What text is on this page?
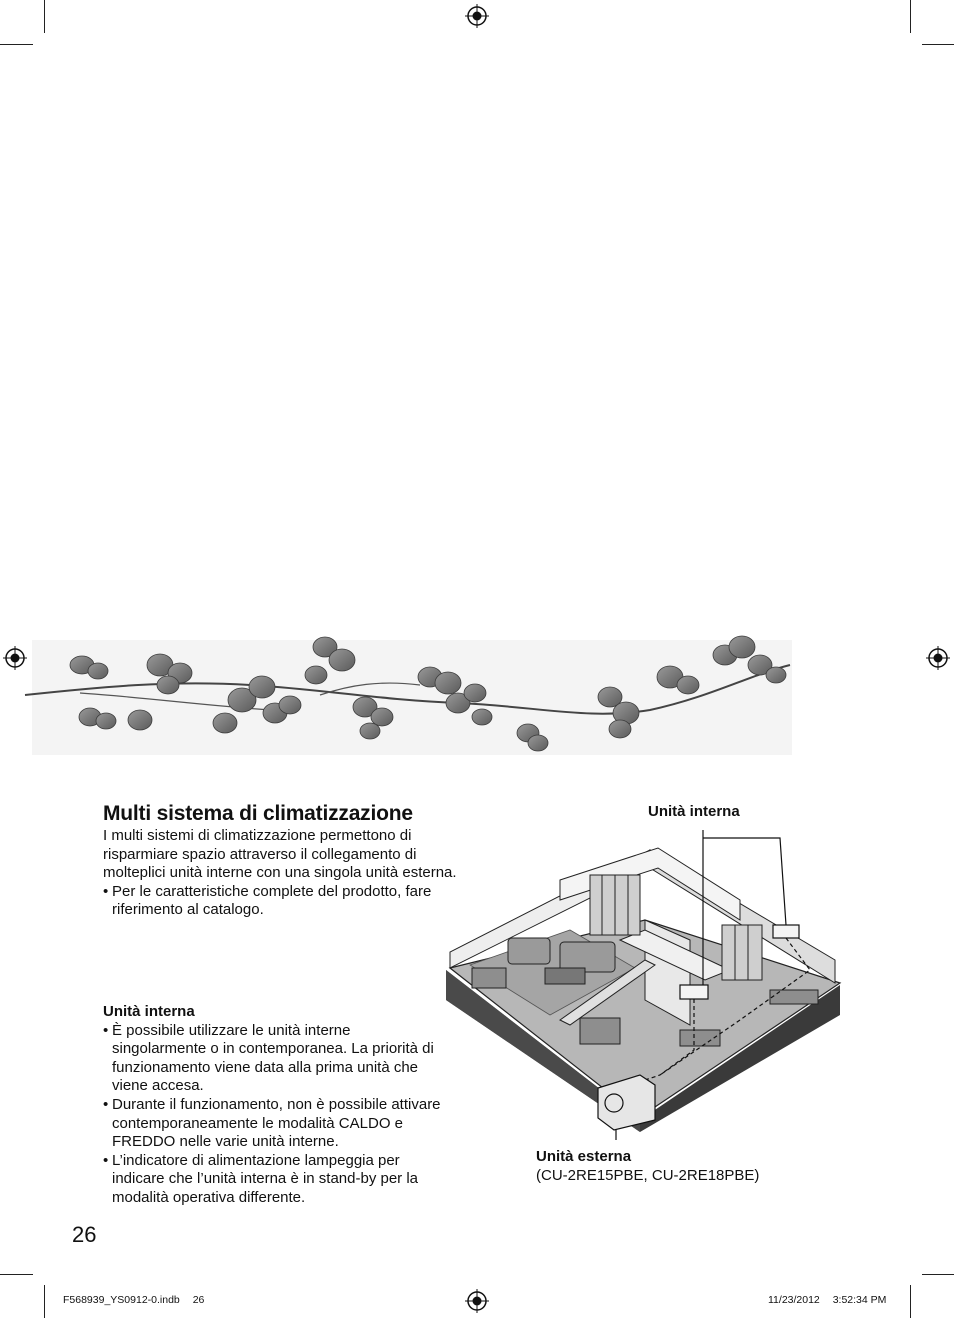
Multi sistema di climatizzazione
I multi sistemi di climatizzazione permettono di risparmiare spazio attraverso il collegamento di molteplici unità interne con una singola unità esterna.
• Per le caratteristiche complete del prodotto, fare riferimento al catalogo.
Unità interna
• È possibile utilizzare le unità interne singolarmente o in contemporanea. La priorità di funzionamento viene data alla prima unità che viene accesa.
• Durante il funzionamento, non è possibile attivare contemporaneamente le modalità CALDO e FREDDO nelle varie unità interne.
• L’indicatore di alimentazione lampeggia per indicare che l’unità interna è in stand-by per la modalità operativa differente.
Unità interna
Unità esterna
(CU-2RE15PBE, CU-2RE18PBE)
26
F568939_YS0912-0.indb 26	11/23/2012 3:52:34 PM
